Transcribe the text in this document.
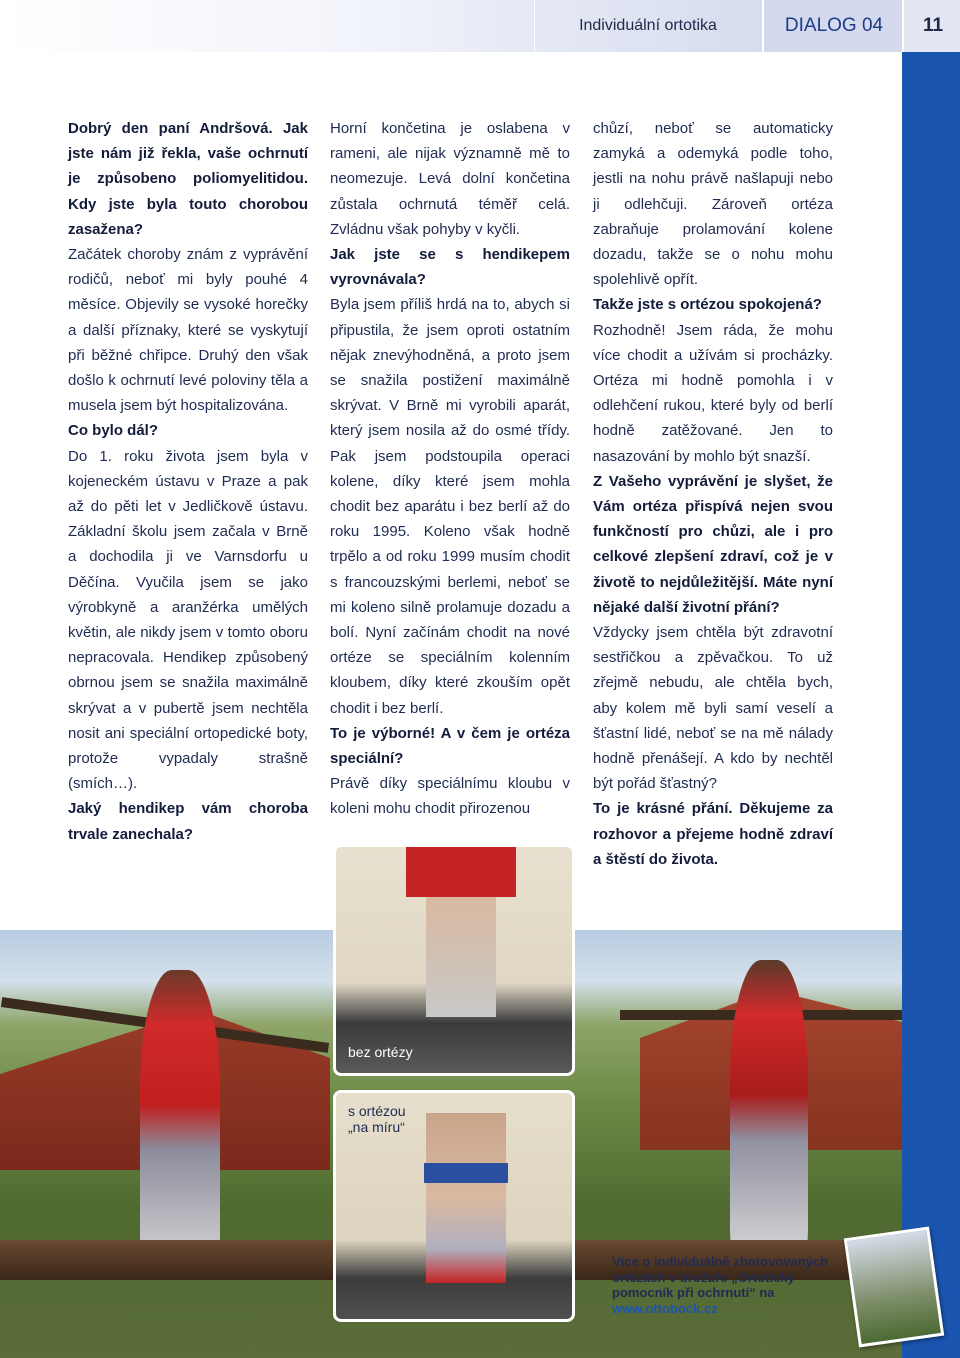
Individuální ortotika	DIALOG 04	11

Dobrý den paní Andršová. Jak jste nám již řekla, vaše ochrnutí je způsobeno poliomyelitidou. Kdy jste byla touto chorobou zasažena?

Začátek choroby znám z vyprávění rodičů, neboť mi byly pouhé 4 měsíce. Objevily se vysoké horečky a další příznaky, které se vyskytují při běžné chřipce. Druhý den však došlo k ochrnutí levé poloviny těla a musela jsem být hospitalizována.

Co bylo dál?

Do 1. roku života jsem byla v kojeneckém ústavu v Praze a pak až do pěti let v Jedličkově ústavu. Základní školu jsem začala v Brně a dochodila ji ve Varnsdorfu u Děčína. Vyučila jsem se jako výrobkyně a aranžérka umělých květin, ale nikdy jsem v tomto oboru nepracovala. Hendikep způsobený obrnou jsem se snažila maximálně skrývat a v pubertě jsem nechtěla nosit ani speciální ortopedické boty, protože vypadaly strašně (smích…).

Jaký hendikep vám choroba trvale zanechala?

Horní končetina je oslabena v rameni, ale nijak významně mě to neomezuje. Levá dolní končetina zůstala ochrnutá téměř celá. Zvládnu však pohyby v kyčli.

Jak jste se s hendikepem vyrovnávala?

Byla jsem příliš hrdá na to, abych si připustila, že jsem oproti ostatním nějak znevýhodněná, a proto jsem se snažila postižení maximálně skrývat. V Brně mi vyrobili aparát, který jsem nosila až do osmé třídy. Pak jsem podstoupila operaci kolene, díky které jsem mohla chodit bez aparátu i bez berlí až do roku 1995. Koleno však hodně trpělo a od roku 1999 musím chodit s francouzskými berlemi, neboť se mi koleno silně prolamuje dozadu a bolí. Nyní začínám chodit na nové ortéze se speciálním kolenním kloubem, díky které zkouším opět chodit i bez berlí.

To je výborné! A v čem je ortéza speciální?

Právě díky speciálnímu kloubu v koleni mohu chodit přirozenou

chůzí, neboť se automaticky zamyká a odemyká podle toho, jestli na nohu právě našlapuji nebo ji odlehčuji. Zároveň ortéza zabraňuje prolamování kolene dozadu, takže se o nohu mohu spolehlivě opřít.

Takže jste s ortézou spokojená?

Rozhodně! Jsem ráda, že mohu více chodit a užívám si procházky. Ortéza mi hodně pomohla i v odlehčení rukou, které byly od berlí hodně zatěžované. Jen to nasazování by mohlo být snazší.

Z Vašeho vyprávění je slyšet, že Vám ortéza přispívá nejen svou funkčností pro chůzi, ale i pro celkové zlepšení zdraví, což je v životě to nejdůležitější. Máte nyní nějaké další životní přání?

Vždycky jsem chtěla být zdravotní sestřičkou a zpěvačkou. To už zřejmě nebudu, ale chtěla bych, aby kolem mě byli samí veselí a šťastní lidé, neboť se na mě nálady hodně přenášejí. A kdo by nechtěl být pořád šťastný?

To je krásné přání. Děkujeme za rozhovor a přejeme hodně zdraví a štěstí do života.

bez ortézy
s ortézou
„na míru“
Více o individuálně zhotovovaných
ortézách v brožuře „Ortotický
pomocník při ochrnutí“ na
www.ottobock.cz
